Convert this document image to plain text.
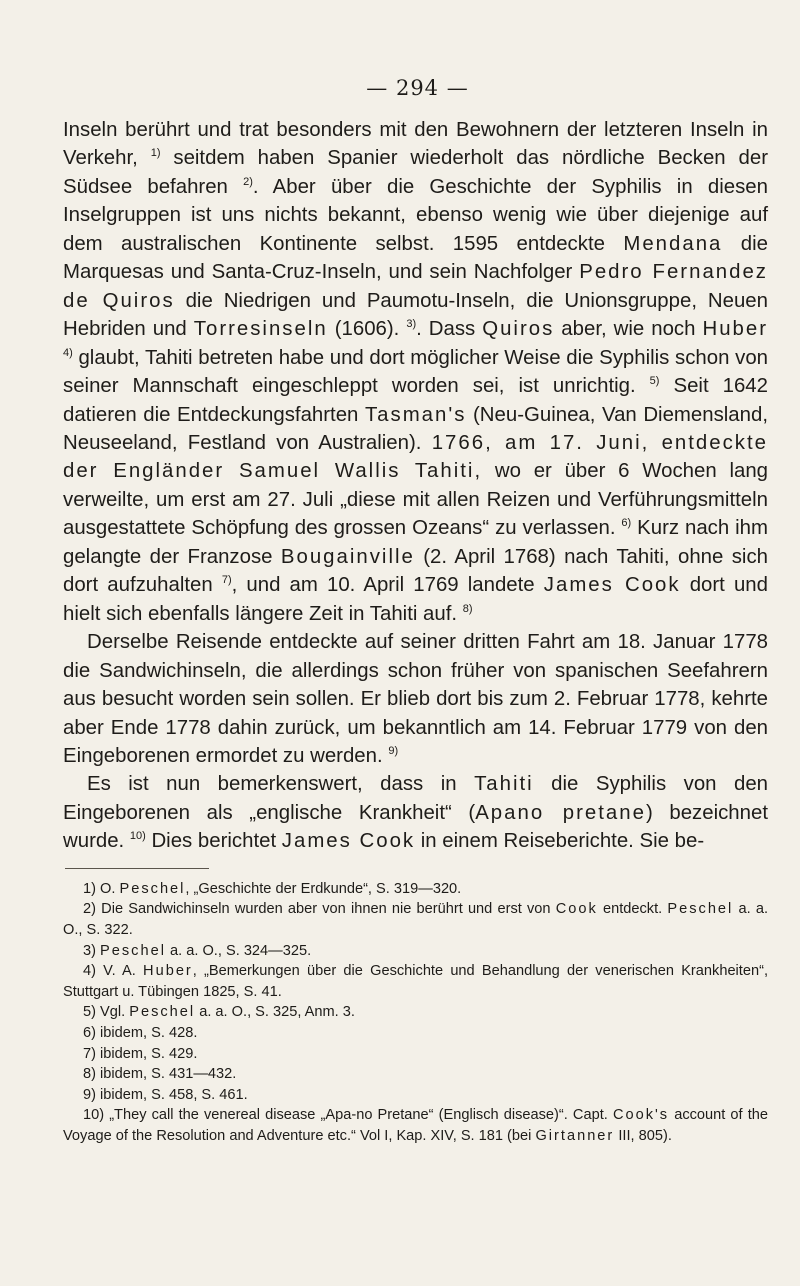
— 294 —

Inseln berührt und trat besonders mit den Bewohnern der letzteren Inseln in Verkehr, $^{1)}$ seitdem haben Spanier wiederholt das nördliche Becken der Südsee befahren $^{2)}$. Aber über die Geschichte der Syphilis in diesen Inselgruppen ist uns nichts bekannt, ebenso wenig wie über diejenige auf dem australischen Kontinente selbst. 1595 entdeckte Mendana die Marquesas und Santa-Cruz-Inseln, und sein Nachfolger Pedro Fernandez de Quiros die Niedrigen und Paumotu-Inseln, die Unionsgruppe, Neuen Hebriden und Torresinseln (1606). $^{3)}$. Dass Quiros aber, wie noch Huber $^{4)}$ glaubt, Tahiti betreten habe und dort möglicher Weise die Syphilis schon von seiner Mannschaft eingeschleppt worden sei, ist unrichtig. $^{5)}$ Seit 1642 datieren die Entdeckungsfahrten Tasman's (Neu-Guinea, Van Diemensland, Neuseeland, Festland von Australien). 1766, am 17. Juni, entdeckte der Engländer Samuel Wallis Tahiti, wo er über 6 Wochen lang verweilte, um erst am 27. Juli „diese mit allen Reizen und Verführungsmitteln ausgestattete Schöpfung des grossen Ozeans“ zu verlassen. $^{6)}$ Kurz nach ihm gelangte der Franzose Bougainville (2. April 1768) nach Tahiti, ohne sich dort aufzuhalten $^{7)}$, und am 10. April 1769 landete James Cook dort und hielt sich ebenfalls längere Zeit in Tahiti auf. $^{8)}$

Derselbe Reisende entdeckte auf seiner dritten Fahrt am 18. Januar 1778 die Sandwichinseln, die allerdings schon früher von spanischen Seefahrern aus besucht worden sein sollen. Er blieb dort bis zum 2. Februar 1778, kehrte aber Ende 1778 dahin zurück, um bekanntlich am 14. Februar 1779 von den Eingeborenen ermordet zu werden. $^{9)}$

Es ist nun bemerkenswert, dass in Tahiti die Syphilis von den Eingeborenen als „englische Krankheit“ (Apano pretane) bezeichnet wurde. $^{10)}$ Dies berichtet James Cook in einem Reiseberichte. Sie be-

1) O. Peschel, „Geschichte der Erdkunde“, S. 319—320.

2) Die Sandwichinseln wurden aber von ihnen nie berührt und erst von Cook entdeckt. Peschel a. a. O., S. 322.

3) Peschel a. a. O., S. 324—325.

4) V. A. Huber, „Bemerkungen über die Geschichte und Behandlung der venerischen Krankheiten“, Stuttgart u. Tübingen 1825, S. 41.

5) Vgl. Peschel a. a. O., S. 325, Anm. 3.

6) ibidem, S. 428.

7) ibidem, S. 429.

8) ibidem, S. 431—432.

9) ibidem, S. 458, S. 461.

10) „They call the venereal disease „Apa-no Pretane“ (Englisch disease)“. Capt. Cook's account of the Voyage of the Resolution and Adventure etc.“ Vol I, Kap. XIV, S. 181 (bei Girtanner III, 805).
